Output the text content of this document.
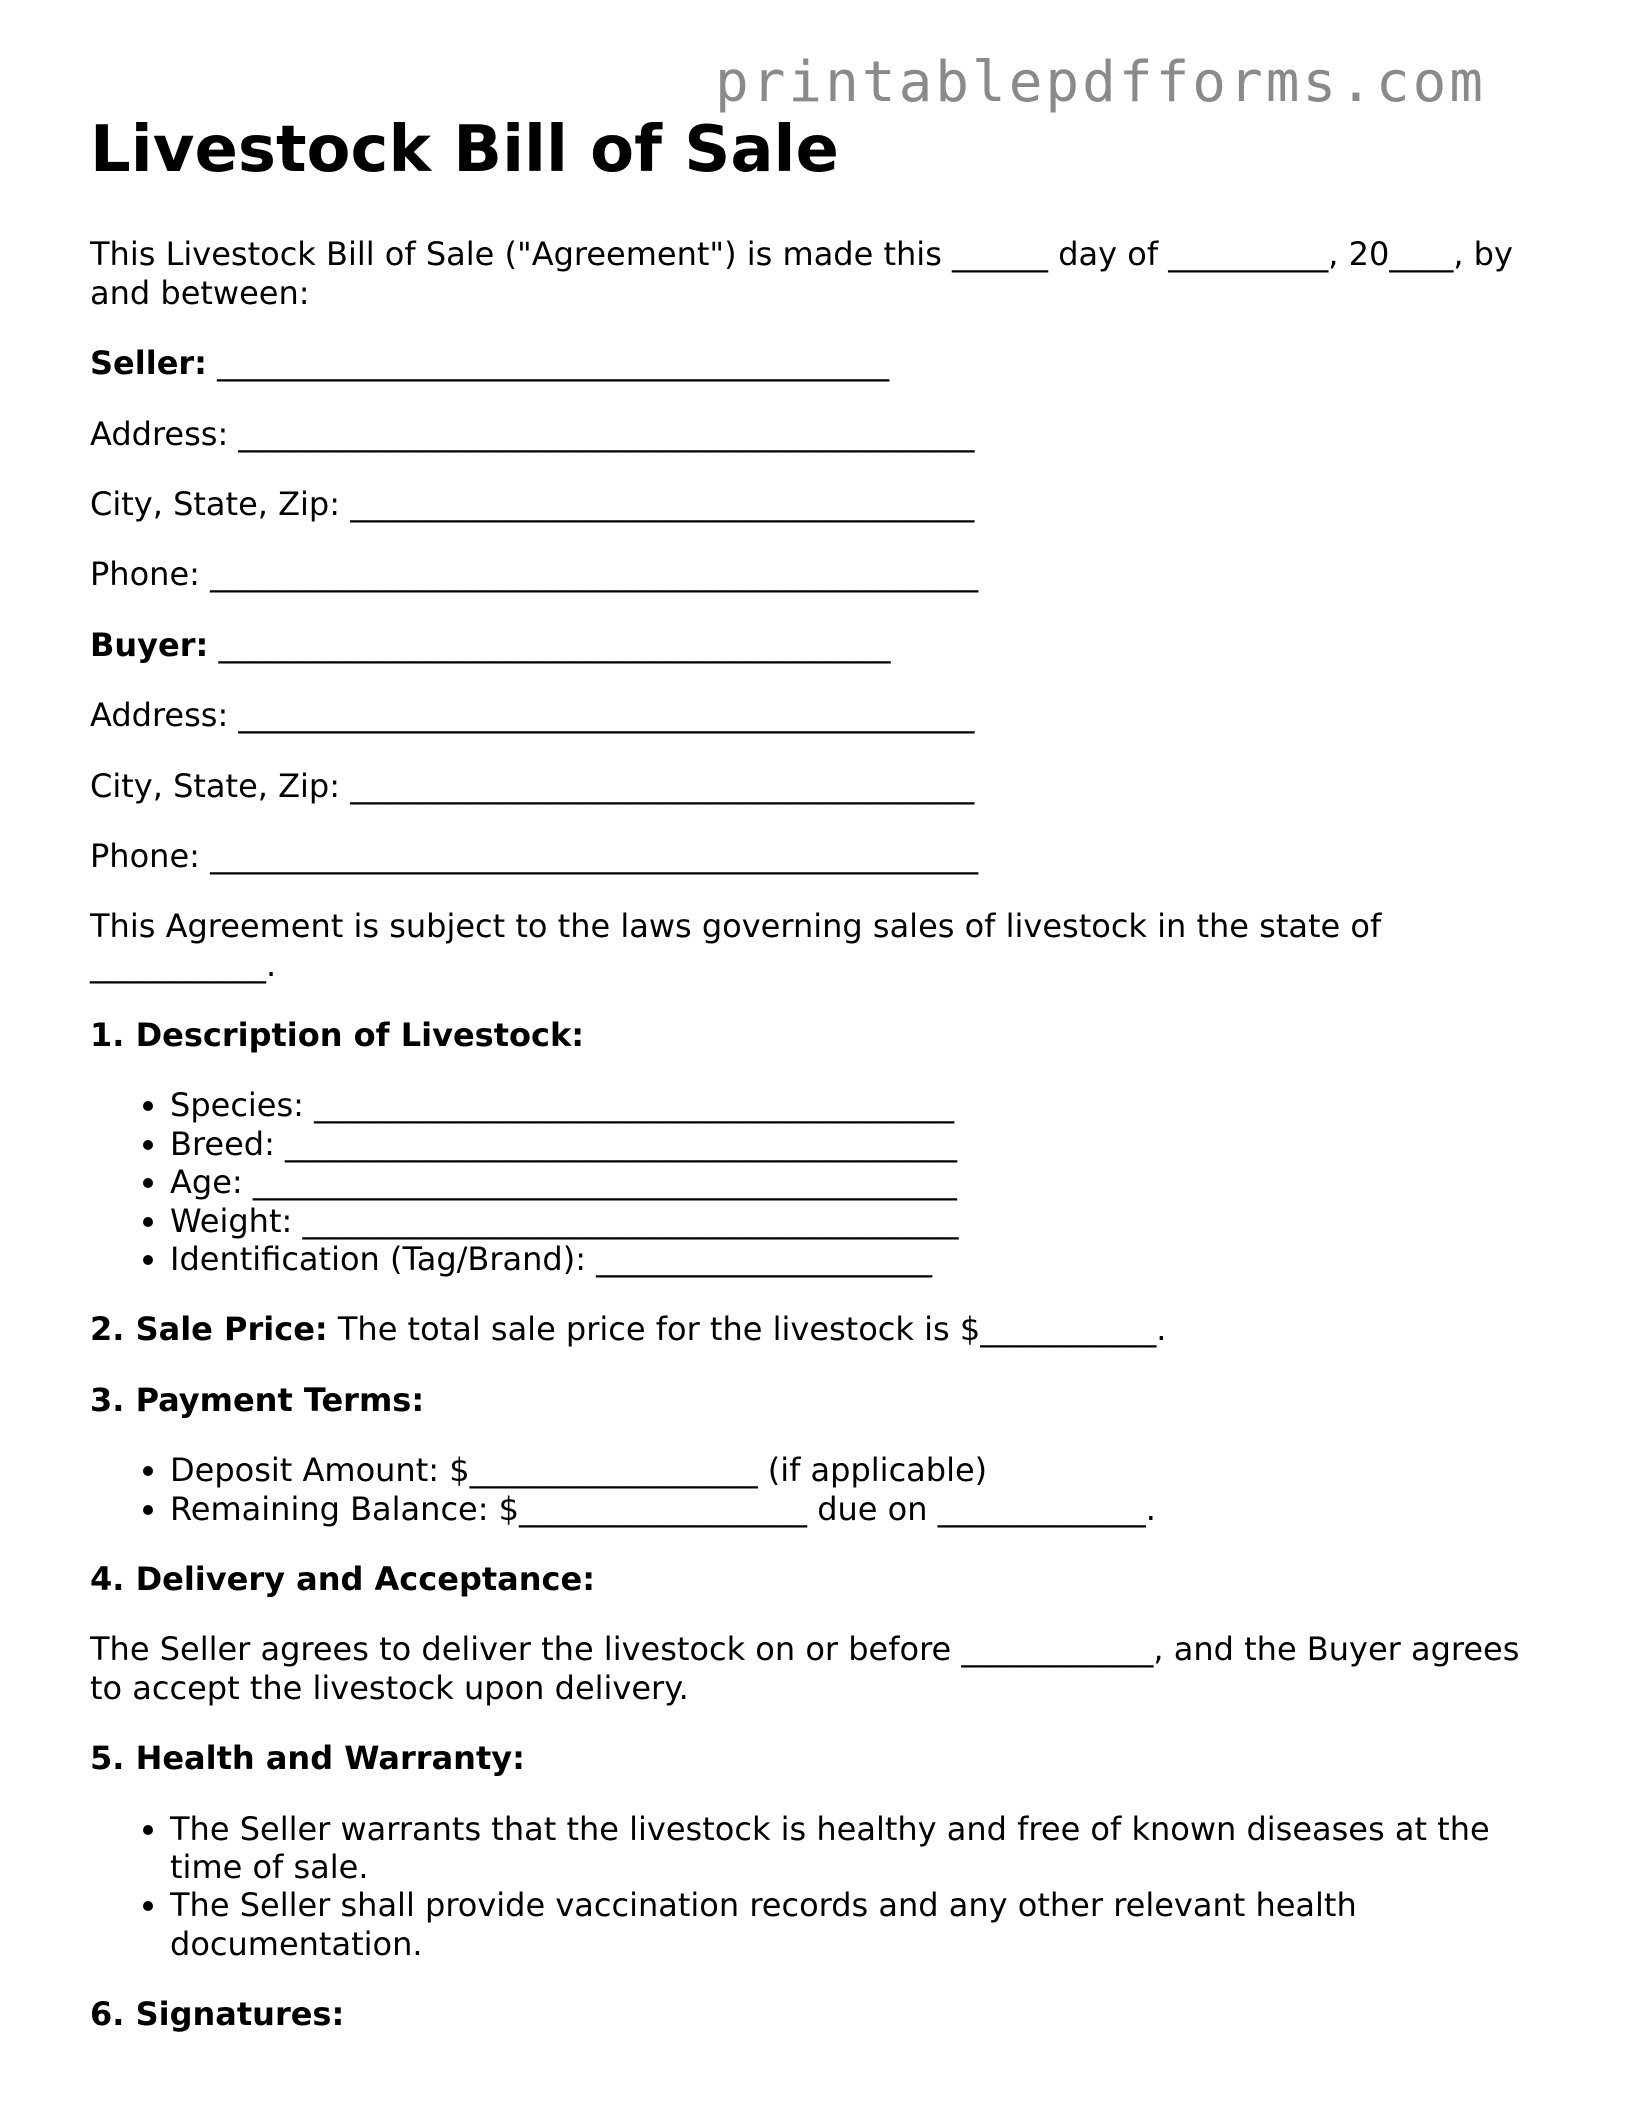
printablepdfforms.com
Livestock Bill of Sale

This Livestock Bill of Sale ("Agreement") is made this ______ day of __________, 20____, by and between:

Seller: __________________________________________
Address: ______________________________________________
City, State, Zip: _______________________________________
Phone: ________________________________________________
Buyer: __________________________________________
Address: ______________________________________________
City, State, Zip: _______________________________________
Phone: ________________________________________________

This Agreement is subject to the laws governing sales of livestock in the state of ___________.

1. Description of Livestock:
• Species: ________________________________________
• Breed: __________________________________________
• Age: ____________________________________________
• Weight: _________________________________________
• Identification (Tag/Brand): _____________________

2. Sale Price: The total sale price for the livestock is $___________.

3. Payment Terms:
• Deposit Amount: $__________________ (if applicable)
• Remaining Balance: $__________________ due on _____________.
4. Delivery and Acceptance:

The Seller agrees to deliver the livestock on or before ____________, and the Buyer agrees to accept the livestock upon delivery.

5. Health and Warranty:
• The Seller warrants that the livestock is healthy and free of known diseases at the time of sale.
• The Seller shall provide vaccination records and any other relevant health documentation.
6. Signatures:
